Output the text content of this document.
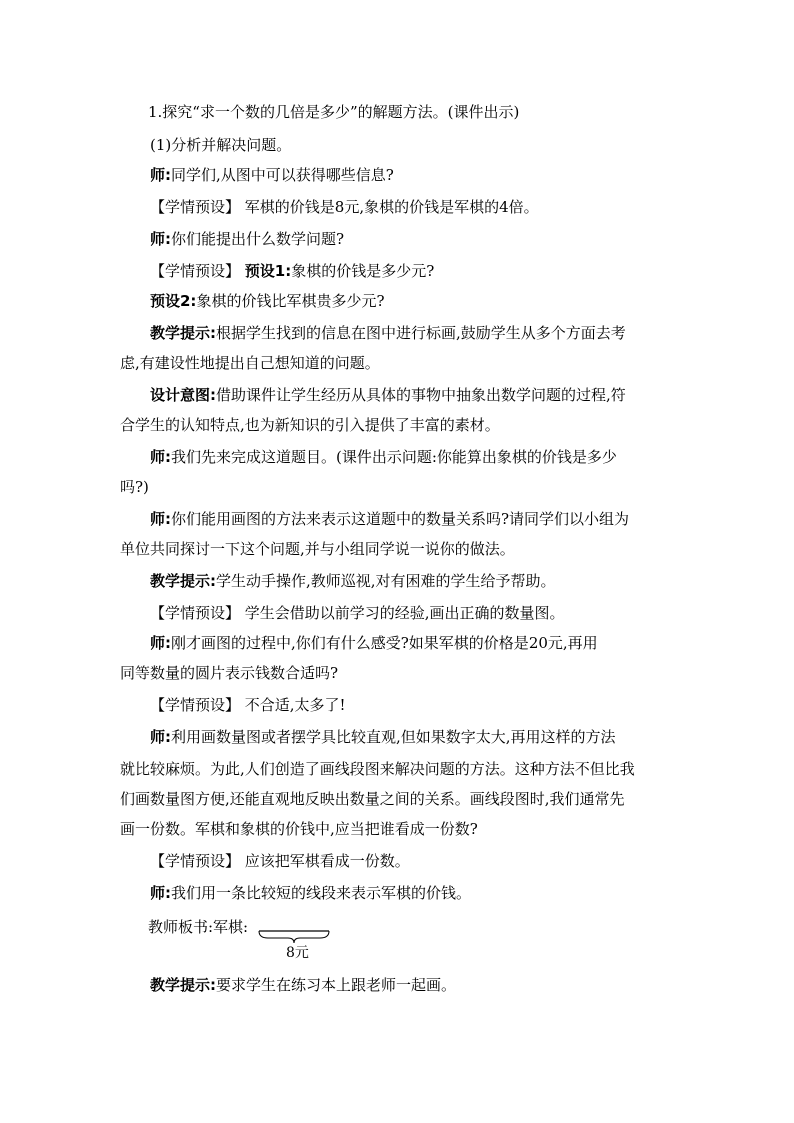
1.探究“求一个数的几倍是多少”的解题方法。(课件出示)
(1)分析并解决问题。
师:同学们,从图中可以获得哪些信息?
【学情预设】 军棋的价钱是8元,象棋的价钱是军棋的4倍。
师:你们能提出什么数学问题?
【学情预设】 预设1:象棋的价钱是多少元?
预设2:象棋的价钱比军棋贵多少元?
教学提示:根据学生找到的信息在图中进行标画,鼓励学生从多个方面去考
虑,有建设性地提出自己想知道的问题。
设计意图:借助课件让学生经历从具体的事物中抽象出数学问题的过程,符
合学生的认知特点,也为新知识的引入提供了丰富的素材。
师:我们先来完成这道题目。(课件出示问题:你能算出象棋的价钱是多少
吗?)
师:你们能用画图的方法来表示这道题中的数量关系吗?请同学们以小组为
单位共同探讨一下这个问题,并与小组同学说一说你的做法。
教学提示:学生动手操作,教师巡视,对有困难的学生给予帮助。
【学情预设】 学生会借助以前学习的经验,画出正确的数量图。
师:刚才画图的过程中,你们有什么感受?如果军棋的价格是20元,再用
同等数量的圆片表示钱数合适吗?
【学情预设】 不合适,太多了!
师:利用画数量图或者摆学具比较直观,但如果数字太大,再用这样的方法
就比较麻烦。为此,人们创造了画线段图来解决问题的方法。这种方法不但比我
们画数量图方便,还能直观地反映出数量之间的关系。画线段图时,我们通常先
画一份数。军棋和象棋的价钱中,应当把谁看成一份数?
【学情预设】 应该把军棋看成一份数。
师:我们用一条比较短的线段来表示军棋的价钱。
教师板书:军棋:
8元
教学提示:要求学生在练习本上跟老师一起画。
